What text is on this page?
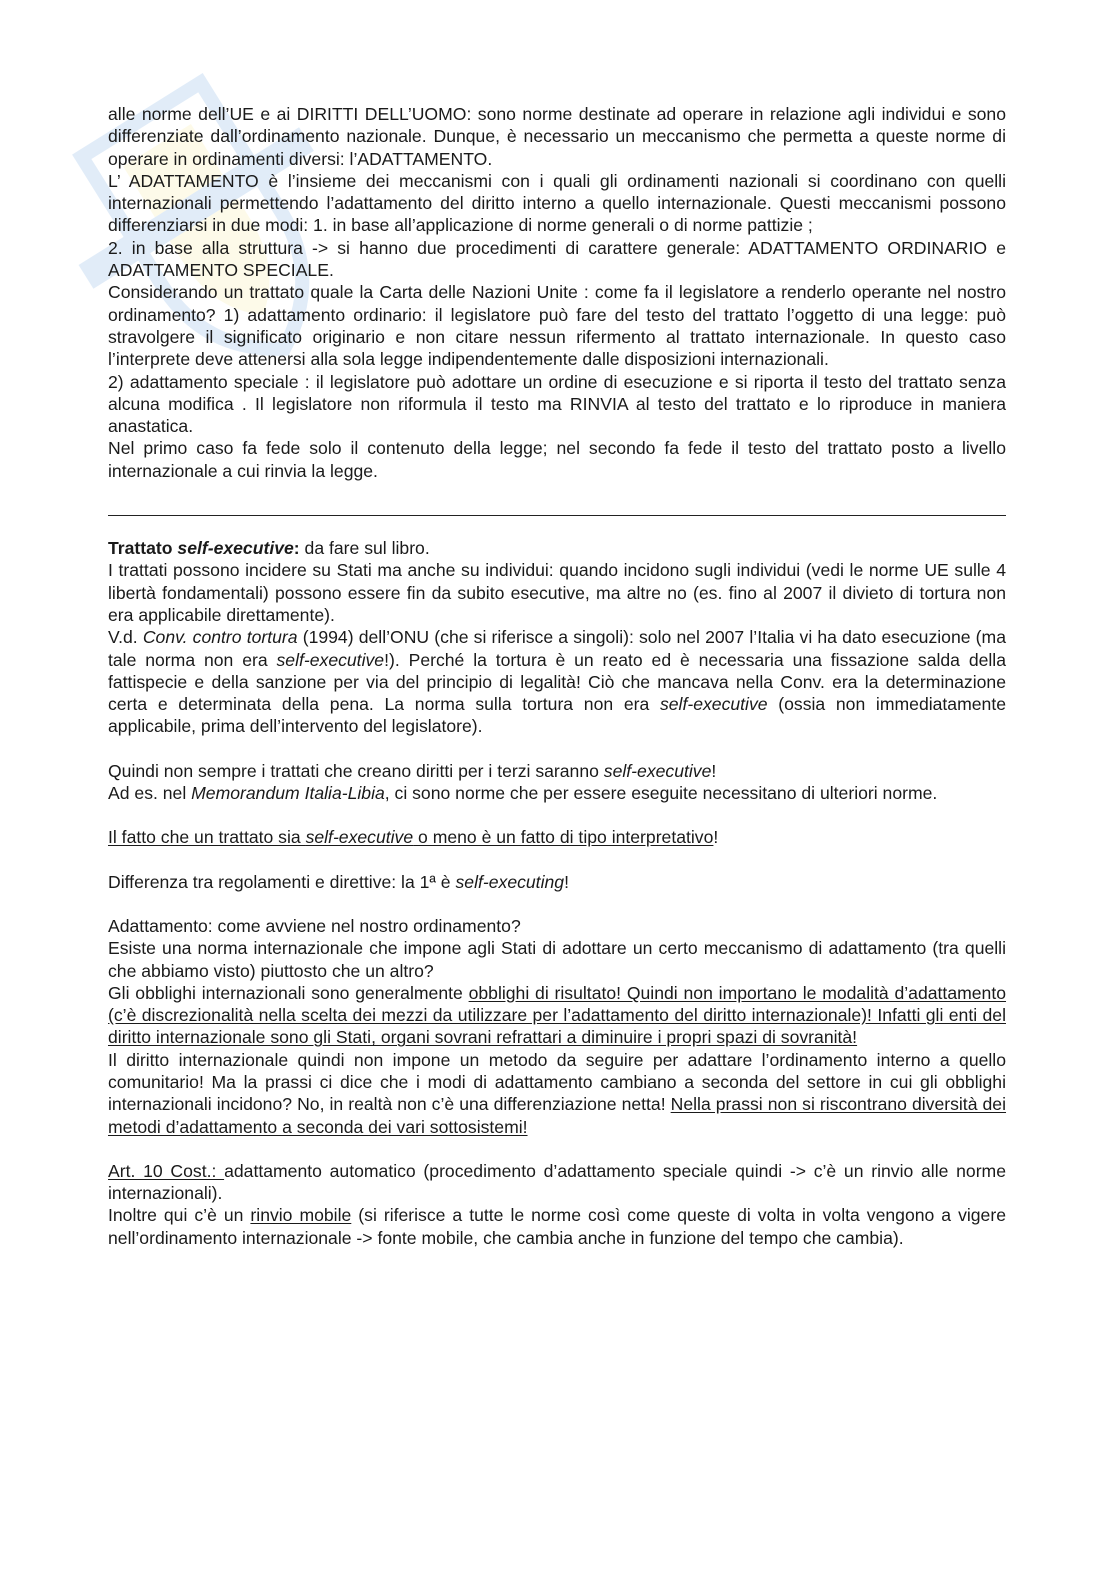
alle norme dell’UE e ai DIRITTI DELL’UOMO: sono norme destinate ad operare in relazione agli individui e sono differenziate dall’ordinamento nazionale. Dunque, è necessario un meccanismo che permetta a queste norme di operare in ordinamenti diversi: l’ADATTAMENTO.

L’ ADATTAMENTO è l’insieme dei meccanismi con i quali gli ordinamenti nazionali si coordinano con quelli internazionali permettendo l’adattamento del diritto interno a quello internazionale. Questi meccanismi possono differenziarsi in due modi: 1. in base all’applicazione di norme generali o di norme pattizie ;

2. in base alla struttura -> si hanno due procedimenti di carattere generale: ADATTAMENTO ORDINARIO e ADATTAMENTO SPECIALE.

Considerando un trattato quale la Carta delle Nazioni Unite : come fa il legislatore a renderlo operante nel nostro ordinamento? 1) adattamento ordinario: il legislatore può fare del testo del trattato l’oggetto di una legge: può stravolgere il significato originario e non citare nessun rifermento al trattato internazionale. In questo caso l’interprete deve attenersi alla sola legge indipendentemente dalle disposizioni internazionali.

2) adattamento speciale : il legislatore può adottare un ordine di esecuzione e si riporta il testo del trattato senza alcuna modifica . Il legislatore non riformula il testo ma RINVIA al testo del trattato e lo riproduce in maniera anastatica.

Nel primo caso fa fede solo il contenuto della legge; nel secondo fa fede il testo del trattato posto a livello internazionale a cui rinvia la legge.

Trattato self-executive: da fare sul libro.

I trattati possono incidere su Stati ma anche su individui: quando incidono sugli individui (vedi le norme UE sulle 4 libertà fondamentali) possono essere fin da subito esecutive, ma altre no (es. fino al 2007 il divieto di tortura non era applicabile direttamente).

V.d. Conv. contro tortura (1994) dell’ONU (che si riferisce a singoli): solo nel 2007 l’Italia vi ha dato esecuzione (ma tale norma non era self-executive!). Perché la tortura è un reato ed è necessaria una fissazione salda della fattispecie e della sanzione per via del principio di legalità! Ciò che mancava nella Conv. era la determinazione certa e determinata della pena. La norma sulla tortura non era self-executive (ossia non immediatamente applicabile, prima dell’intervento del legislatore).

Quindi non sempre i trattati che creano diritti per i terzi saranno self-executive!

Ad es. nel Memorandum Italia-Libia, ci sono norme che per essere eseguite necessitano di ulteriori norme.

Il fatto che un trattato sia self-executive o meno è un fatto di tipo interpretativo!

Differenza tra regolamenti e direttive: la 1ª è self-executing!

Adattamento: come avviene nel nostro ordinamento?

Esiste una norma internazionale che impone agli Stati di adottare un certo meccanismo di adattamento (tra quelli che abbiamo visto) piuttosto che un altro?

Gli obblighi internazionali sono generalmente obblighi di risultato! Quindi non importano le modalità d’adattamento (c’è discrezionalità nella scelta dei mezzi da utilizzare per l’adattamento del diritto internazionale)! Infatti gli enti del diritto internazionale sono gli Stati, organi sovrani refrattari a diminuire i propri spazi di sovranità!

Il diritto internazionale quindi non impone un metodo da seguire per adattare l’ordinamento interno a quello comunitario! Ma la prassi ci dice che i modi di adattamento cambiano a seconda del settore in cui gli obblighi internazionali incidono? No, in realtà non c’è una differenziazione netta! Nella prassi non si riscontrano diversità dei metodi d’adattamento a seconda dei vari sottosistemi!

Art. 10 Cost.: adattamento automatico (procedimento d’adattamento speciale quindi -> c’è un rinvio alle norme internazionali).

Inoltre qui c’è un rinvio mobile (si riferisce a tutte le norme così come queste di volta in volta vengono a vigere nell’ordinamento internazionale -> fonte mobile, che cambia anche in funzione del tempo che cambia).
